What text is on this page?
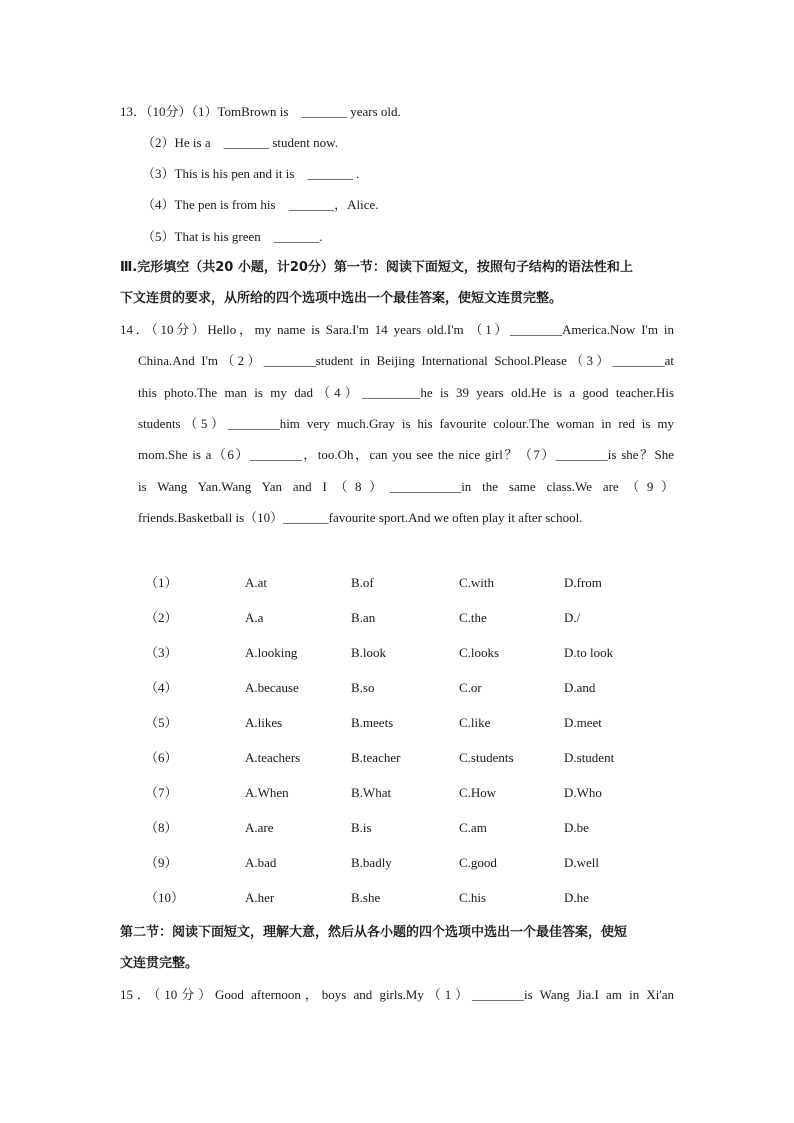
13．（10分）（1）TomBrown is　_______ years old.
（2）He is a　_______ student now.
（3）This is his pen and it is　_______ .
（4）The pen is from his　_______，Alice.
（5）That is his green　_______.
Ⅲ.完形填空（共20 小题，计20分）第一节：阅读下面短文，按照句子结构的语法性和上
下文连贯的要求，从所给的四个选项中选出一个最佳答案，使短文连贯完整。
14．（10分）Hello，my name is Sara.I'm 14 years old.I'm （1）________America.Now I'm in
China.And I'm（2）________student in Beijing International School.Please（3）________at
this photo.The man is my dad（4）_________he is 39 years old.He is a good teacher.His
students（5）________him very much.Gray is his favourite colour.The woman in red is my
mom.She is a（6）________，too.Oh，can you see the nice girl？（7）________is she？She
is Wang Yan.Wang Yan and I（8）___________in the same class.We are（9）
friends.Basketball is（10）_______favourite sport.And we often play it after school.
（1）	A.at	B.of	C.with	D.from
（2）	A.a	B.an	C.the	D./
（3）	A.looking	B.look	C.looks	D.to look
（4）	A.because	B.so	C.or	D.and
（5）	A.likes	B.meets	C.like	D.meet
（6）	A.teachers	B.teacher	C.students	D.student
（7）	A.When	B.What	C.How	D.Who
（8）	A.are	B.is	C.am	D.be
（9）	A.bad	B.badly	C.good	D.well
（10）	A.her	B.she	C.his	D.he
第二节：阅读下面短文，理解大意，然后从各小题的四个选项中选出一个最佳答案，使短
文连贯完整。
15．（10分）Good afternoon，boys and girls.My（1）________is Wang Jia.I am in Xi'an
